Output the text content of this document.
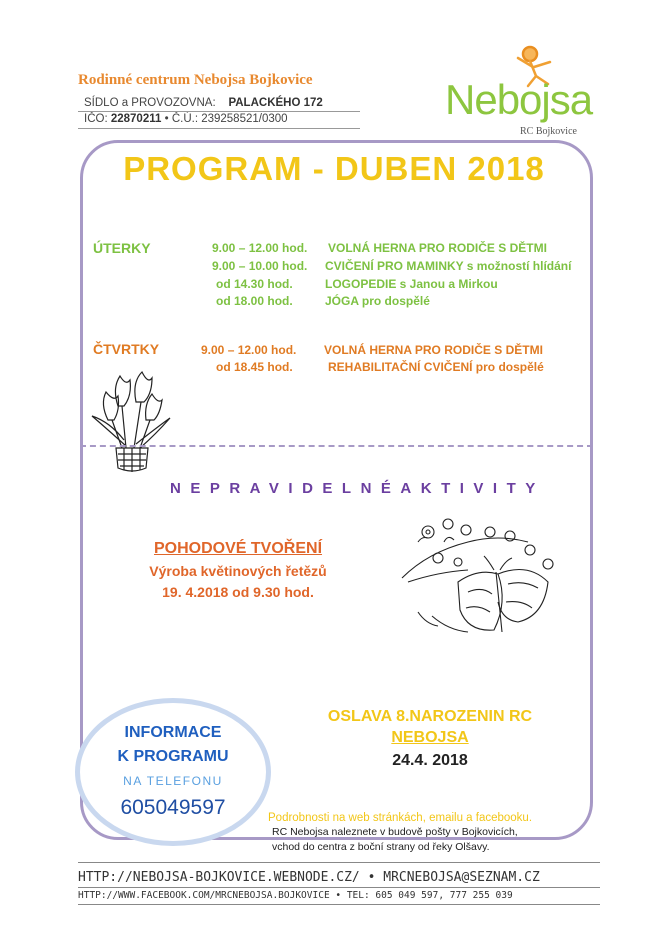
Rodinné centrum Nebojsa Bojkovice
SÍDLO a PROVOZOVNA: PALACKÉHO 172
IČO: 22870211 • Č.Ú.: 239258521/0300	Nebojsa
RC Bojkovice
PROGRAM - DUBEN 2018
ÚTERKY	9.00 – 12.00 hod. VOLNÁ HERNA PRO RODIČE S DĚTMI
9.00 – 10.00 hod. CVIČENÍ PRO MAMINKY s možností hlídání
od 14.30 hod.	LOGOPEDIE s Janou a Mirkou
od 18.00 hod.	JÓGA pro dospělé
ČTVRTKY	9.00 – 12.00 hod. VOLNÁ HERNA PRO RODIČE S DĚTMI
od 18.45 hod.	REHABILITAČNÍ CVIČENÍ pro dospělé
NEPRAVIDELNÉAKTIVITY
POHODOVÉ TVOŘENÍ
Výroba květinových řetězů
19. 4.2018 od 9.30 hod.
OSLAVA 8.NAROZENIN RC
NEBOJSA
24.4. 2018
INFORMACE
K PROGRAMU
NA TELEFONU
605049597	Podrobnosti na web stránkách, emailu a facebooku.
RC Nebojsa naleznete v budově pošty v Bojkovicích,
vchod do centra z boční strany od řeky Olšavy.
HTTP://NEBOJSA-BOJKOVICE.WEBNODE.CZ/ • MRCNEBOJSA@SEZNAM.CZ
HTTP://WWW.FACEBOOK.COM/MRCNEBOJSA.BOJKOVICE • TEL: 605 049 597, 777 255 039
